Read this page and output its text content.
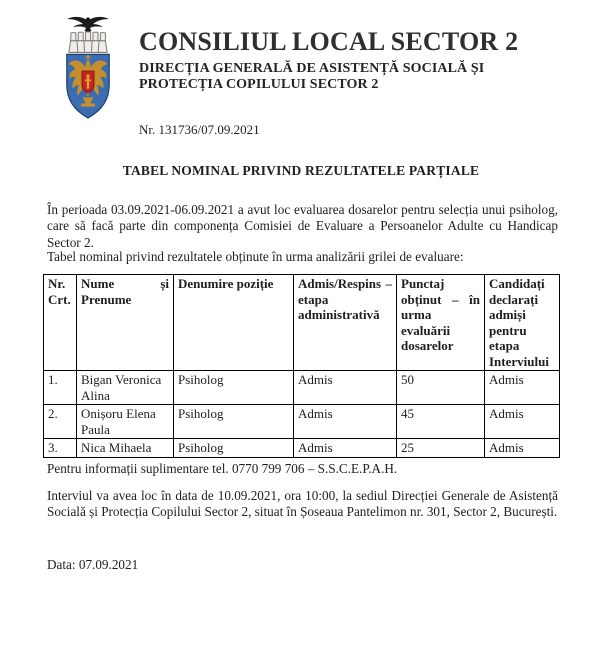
CONSILIUL LOCAL SECTOR 2
DIRECȚIA GENERALĂ DE ASISTENȚĂ SOCIALĂ ȘI
PROTECȚIA COPILULUI SECTOR 2
Nr. 131736/07.09.2021
TABEL NOMINAL PRIVIND REZULTATELE PARȚIALE

În perioada 03.09.2021-06.09.2021 a avut loc evaluarea dosarelor pentru selecția unui psiholog, care să facă parte din componența Comisiei de Evaluare a Persoanelor Adulte cu Handicap Sector 2.

Tabel nominal privind rezultatele obținute în urma analizării grilei de evaluare:

Nr. Crt.	Nume și Prenume	Denumire poziție	Admis/Respins – etapa administrativă	Punctaj obținut – în urma evaluării dosarelor	Candidați declarați admiși pentru etapa Interviului
1.	Bigan Veronica Alina	Psiholog	Admis	50	Admis
2.	Onișoru Elena Paula	Psiholog	Admis	45	Admis
3.	Nica Mihaela	Psiholog	Admis	25	Admis

Pentru informații suplimentare tel. 0770 799 706 – S.S.C.E.P.A.H.

Interviul va avea loc în data de 10.09.2021, ora 10:00, la sediul Direcției Generale de Asistență Socială și Protecția Copilului Sector 2, situat în Șoseaua Pantelimon nr. 301, Sector 2, București.

Data: 07.09.2021
